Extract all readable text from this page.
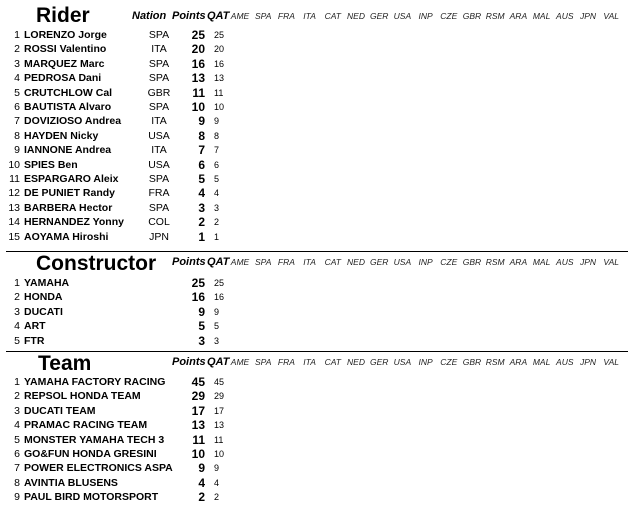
Rider	Nation Points QAT AME SPA FRA ITA	CAT NED GER USA INP CZE GBR RSM ARA MAL AUS JPN VAL
1 LORENZO Jorge	SPA	25 25
2 ROSSI Valentino	ITA	20 20
3 MARQUEZ Marc	SPA	16 16
4 PEDROSA Dani	SPA	13 13
5 CRUTCHLOW Cal	GBR	11 11
6 BAUTISTA Alvaro	SPA	10 10
7 DOVIZIOSO Andrea	ITA	9 9
8 HAYDEN Nicky	USA	8 8
9 IANNONE Andrea	ITA	7 7
10 SPIES Ben	USA	6 6
11 ESPARGARO Aleix	SPA	5 5
12 DE PUNIET Randy	FRA	4 4
13 BARBERA Hector	SPA	3 3
14 HERNANDEZ Yonny	COL	2 2
15 AOYAMA Hiroshi	JPN	1 1
Constructor Points QAT AME SPA FRA ITA	CAT NED GER USA INP CZE GBR RSM ARA MAL AUS JPN VAL
1 YAMAHA	25 25
2 HONDA	16 16
3 DUCATI	9 9
4 ART	5 5
5 FTR	3 3
Team	Points QAT AME SPA FRA ITA	CAT NED GER USA INP CZE GBR RSM ARA MAL AUS JPN VAL
1 YAMAHA FACTORY RACING	45 45
2 REPSOL HONDA TEAM	29 29
3 DUCATI TEAM	17 17
4 PRAMAC RACING TEAM	13 13
5 MONSTER YAMAHA TECH 3	11 11
6 GO&FUN HONDA GRESINI	10 10
7 POWER ELECTRONICS ASPA	9 9
8 AVINTIA BLUSENS	4 4
9 PAUL BIRD MOTORSPORT	2 2
